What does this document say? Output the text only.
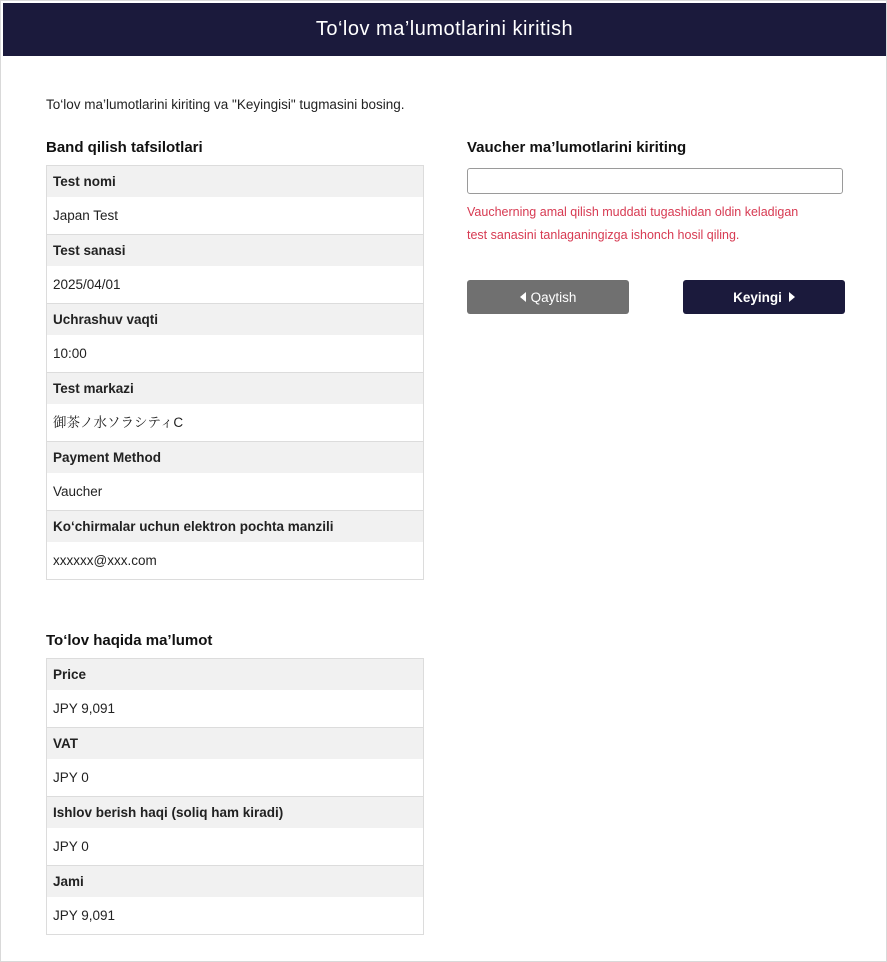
To‘lov ma’lumotlarini kiritish
To‘lov ma’lumotlarini kiriting va "Keyingisi" tugmasini bosing.
Band qilish tafsilotlari
Test nomi
Japan Test
Test sanasi
2025/04/01
Uchrashuv vaqti
10:00
Test markazi
御茶ノ水ソラシティC
Payment Method
Vaucher
Ko‘chirmalar uchun elektron pochta manzili
xxxxxx@xxx.com
To‘lov haqida ma’lumot
Price
JPY 9,091
VAT
JPY 0
Ishlov berish haqi (soliq ham kiradi)
JPY 0
Jami
JPY 9,091
Vaucher ma’lumotlarini kiriting
Vaucherning amal qilish muddati tugashidan oldin keladigan
test sanasini tanlaganingizga ishonch hosil qiling.
Qaytish	Keyingi
